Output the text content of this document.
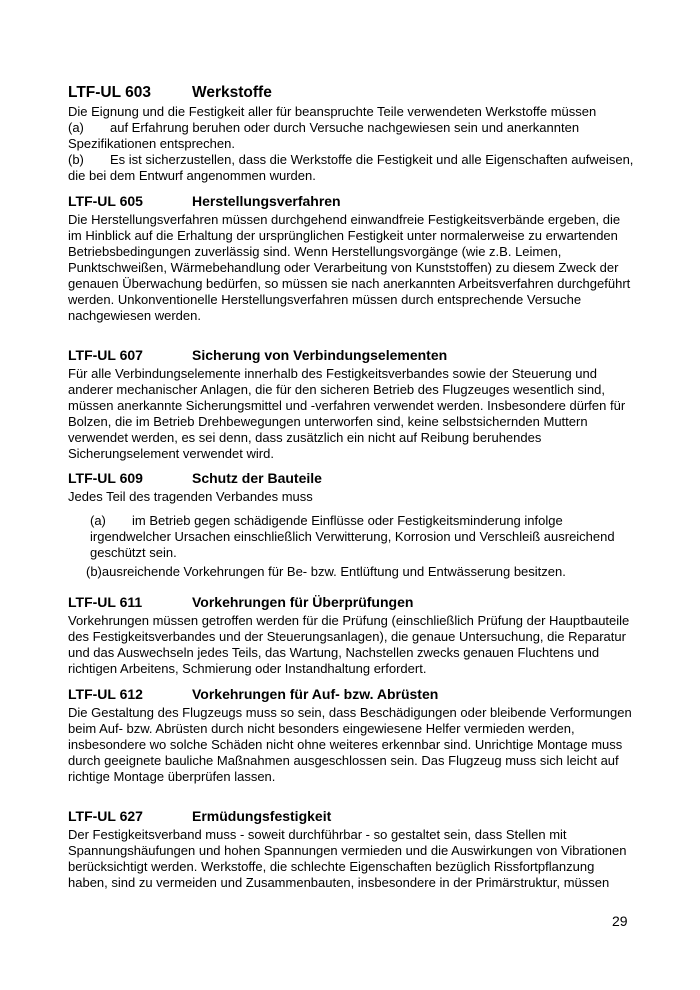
LTF-UL 603	Werkstoffe
Die Eignung und die Festigkeit aller für beanspruchte Teile verwendeten Werkstoffe müssen
(a) auf Erfahrung beruhen oder durch Versuche nachgewiesen sein und anerkannten
Spezifikationen entsprechen.
(b) Es ist sicherzustellen, dass die Werkstoffe die Festigkeit und alle Eigenschaften aufweisen,
die bei dem Entwurf angenommen wurden.
LTF-UL 605	Herstellungsverfahren
Die Herstellungsverfahren müssen durchgehend einwandfreie Festigkeitsverbände ergeben, die
im Hinblick auf die Erhaltung der ursprünglichen Festigkeit unter normalerweise zu erwartenden
Betriebsbedingungen zuverlässig sind. Wenn Herstellungsvorgänge (wie z.B. Leimen,
Punktschweißen, Wärmebehandlung oder Verarbeitung von Kunststoffen) zu diesem Zweck der
genauen Überwachung bedürfen, so müssen sie nach anerkannten Arbeitsverfahren durchgeführt
werden. Unkonventionelle Herstellungsverfahren müssen durch entsprechende Versuche
nachgewiesen werden.
LTF-UL 607	Sicherung von Verbindungselementen
Für alle Verbindungselemente innerhalb des Festigkeitsverbandes sowie der Steuerung und
anderer mechanischer Anlagen, die für den sicheren Betrieb des Flugzeuges wesentlich sind,
müssen anerkannte Sicherungsmittel und -verfahren verwendet werden. Insbesondere dürfen für
Bolzen, die im Betrieb Drehbewegungen unterworfen sind, keine selbstsichernden Muttern
verwendet werden, es sei denn, dass zusätzlich ein nicht auf Reibung beruhendes
Sicherungselement verwendet wird.
LTF-UL 609	Schutz der Bauteile
Jedes Teil des tragenden Verbandes muss
(a) im Betrieb gegen schädigende Einflüsse oder Festigkeitsminderung infolge
irgendwelcher Ursachen einschließlich Verwitterung, Korrosion und Verschleiß ausreichend
geschützt sein.
(b)ausreichende Vorkehrungen für Be- bzw. Entlüftung und Entwässerung besitzen.
LTF-UL 611	Vorkehrungen für Überprüfungen
Vorkehrungen müssen getroffen werden für die Prüfung (einschließlich Prüfung der Hauptbauteile
des Festigkeitsverbandes und der Steuerungsanlagen), die genaue Untersuchung, die Reparatur
und das Auswechseln jedes Teils, das Wartung, Nachstellen zwecks genauen Fluchtens und
richtigen Arbeitens, Schmierung oder Instandhaltung erfordert.
LTF-UL 612	Vorkehrungen für Auf- bzw. Abrüsten
Die Gestaltung des Flugzeugs muss so sein, dass Beschädigungen oder bleibende Verformungen
beim Auf- bzw. Abrüsten durch nicht besonders eingewiesene Helfer vermieden werden,
insbesondere wo solche Schäden nicht ohne weiteres erkennbar sind. Unrichtige Montage muss
durch geeignete bauliche Maßnahmen ausgeschlossen sein. Das Flugzeug muss sich leicht auf
richtige Montage überprüfen lassen.
LTF-UL 627	Ermüdungsfestigkeit
Der Festigkeitsverband muss - soweit durchführbar - so gestaltet sein, dass Stellen mit
Spannungshäufungen und hohen Spannungen vermieden und die Auswirkungen von Vibrationen
berücksichtigt werden. Werkstoffe, die schlechte Eigenschaften bezüglich Rissfortpflanzung
haben, sind zu vermeiden und Zusammenbauten, insbesondere in der Primärstruktur, müssen
29
